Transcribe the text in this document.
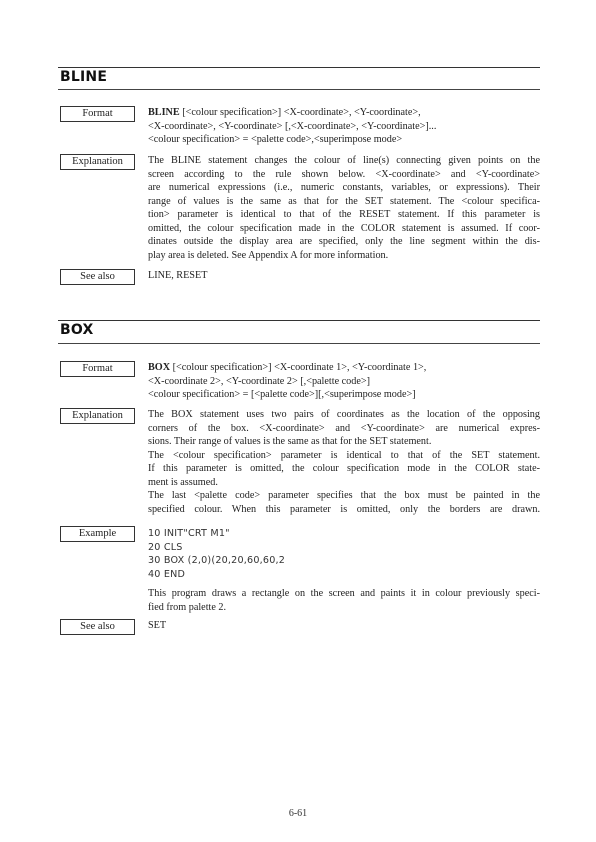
BLINE
Format	BLINE [<colour specification>] <X-coordinate>, <Y-coordinate>,
<X-coordinate>, <Y-coordinate> [,<X-coordinate>, <Y-coordinate>]...
<colour specification> = <palette code>,<superimpose mode>
Explanation	The BLINE statement changes the colour of line(s) connecting given points on the
screen according to the rule shown below. <X-coordinate> and <Y-coordinate>
are numerical expressions (i.e., numeric constants, variables, or expressions). Their
range of values is the same as that for the SET statement. The <colour specifica-
tion> parameter is identical to that of the RESET statement. If this parameter is
omitted, the colour specification made in the COLOR statement is assumed. If coor-
dinates outside the display area are specified, only the line segment within the dis-
play area is deleted. See Appendix A for more information.
See also	LINE, RESET
BOX
Format	BOX [<colour specification>] <X-coordinate 1>, <Y-coordinate 1>,
<X-coordinate 2>, <Y-coordinate 2> [,<palette code>]
<colour specification> = [<palette code>][,<superimpose mode>]
Explanation	The BOX statement uses two pairs of coordinates as the location of the opposing
corners of the box. <X-coordinate> and <Y-coordinate> are numerical expres-
sions. Their range of values is the same as that for the SET statement.
The <colour specification> parameter is identical to that of the SET statement.
If this parameter is omitted, the colour specification mode in the COLOR state-
ment is assumed.
The last <palette code> parameter specifies that the box must be painted in the
specified colour. When this parameter is omitted, only the borders are drawn.
Example	10 INIT"CRT M1"
20 CLS
30 BOX (2,0)(20,20,60,60,2
40 END
This program draws a rectangle on the screen and paints it in colour previously speci-
fied from palette 2.
See also	SET
6-61
